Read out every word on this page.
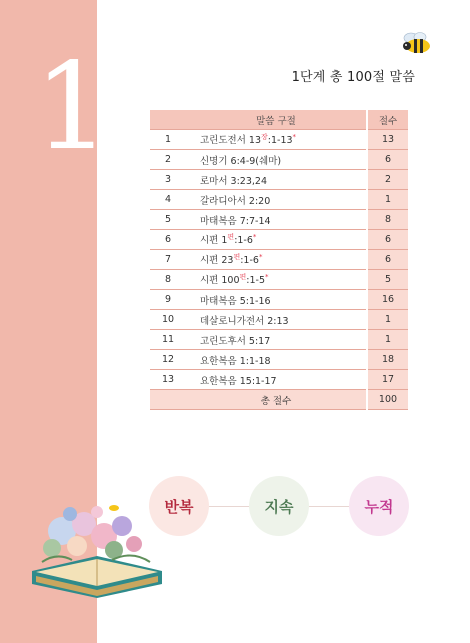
1	1단계 총 100절 말씀
	말씀 구절	절수
1	고린도전서 $13^장:1-13^*$	13
2	신명기 6:4-9(쉐마)	6
3	로마서 3:23,24	2
4	갈라디아서 2:20	1
5	마태복음 7:7-14	8
6	시편 $1^편:1-6^*$	6
7	시편 $23^편:1-6^*$	6
8	시편 $100^편:1-5^*$	5
9	마태복음 5:1-16	16
10	데살로니가전서 2:13	1
11	고린도후서 5:17	1
12	요한복음 1:1-18	18
13	요한복음 15:1-17	17
	총 절수	100
반복	지속	누적
